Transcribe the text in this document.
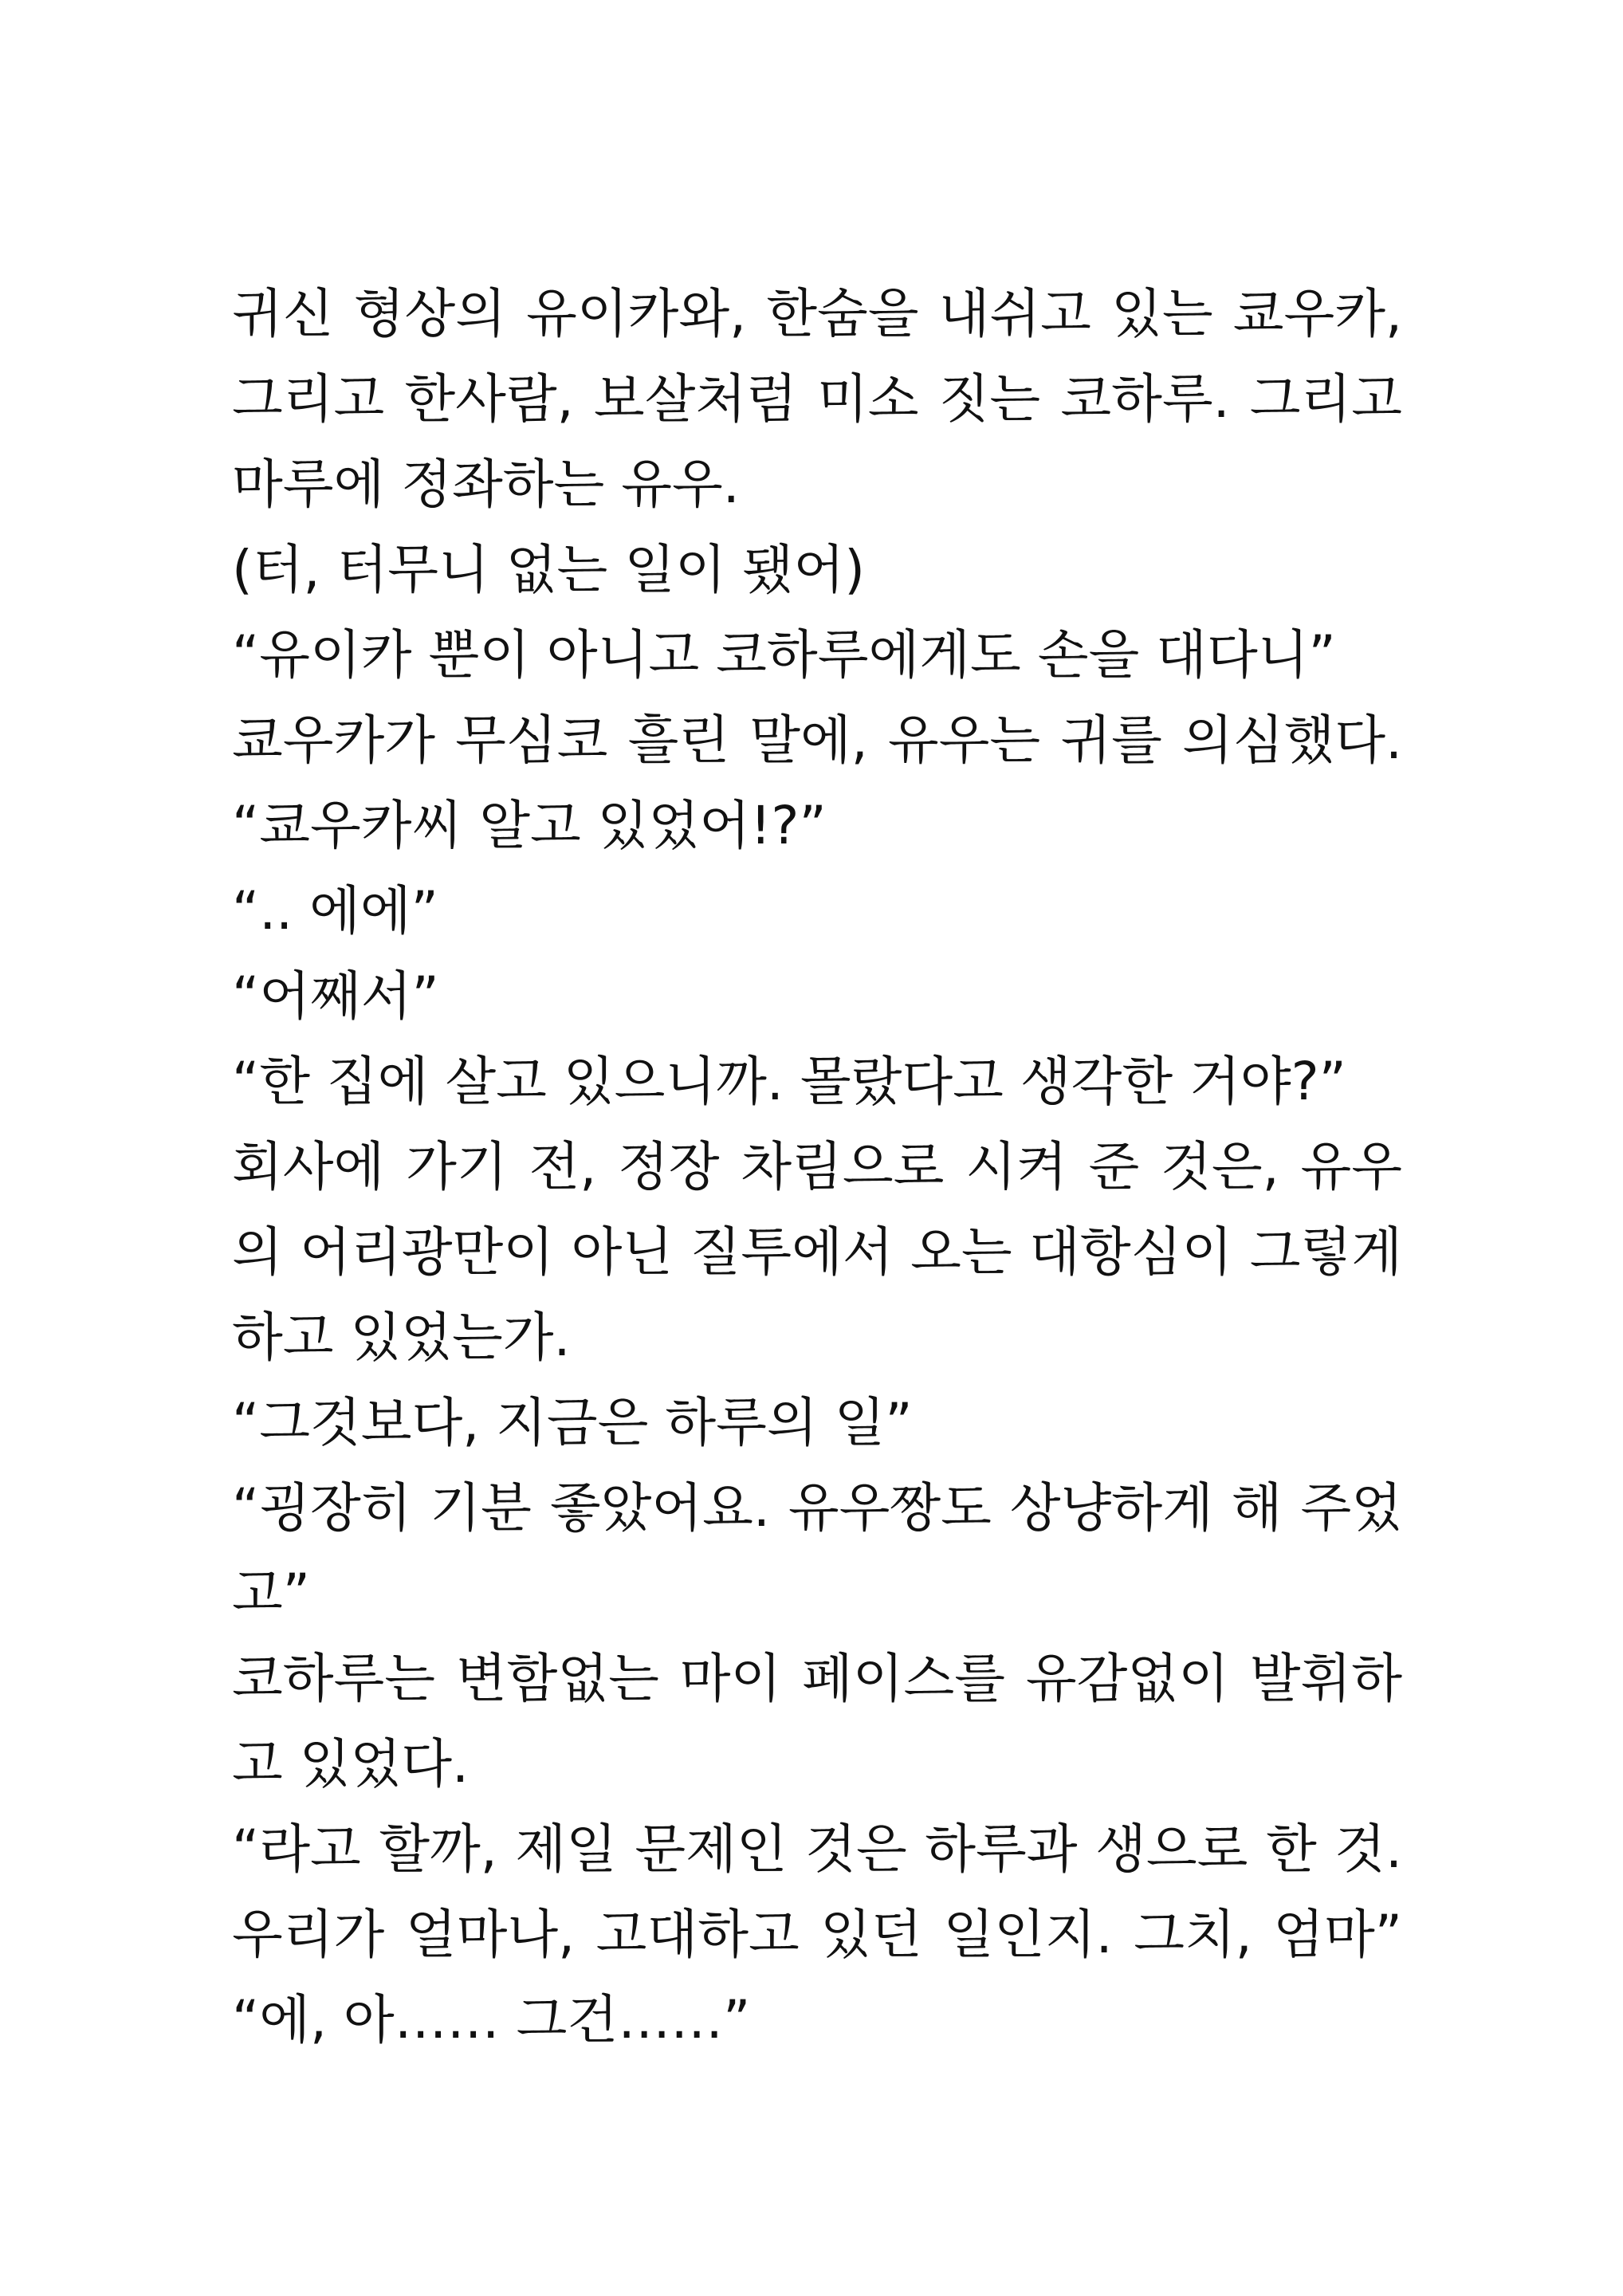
귀신 형상의 유이카와, 한숨을 내쉬고 있는 쿄우카,
그리고 한사람, 보살처럼 미소 짓는 코하루. 그리고
마루에 정좌하는 유우.
(터, 터무니 없는 일이 됐어)
“유이카 뿐이 아니고 코하루에게도 손을 대다니”
쿄우카가 무심코 흘린 말에, 유우는 귀를 의심했다.
“쿄우카씨 알고 있었어!?”
“.. 에에”
“어째서”
“한 집에 살고 있으니까. 몰랐다고 생각한 거야?”
회사에 가기 전, 정장 차림으로 시켜 준 것은, 유우
의 어리광만이 아닌 질투에서 오는 대항심이 그렇게
하고 있었는가.
“그것보다, 지금은 하루의 일”
“굉장히 기분 좋았어요. 유우짱도 상냥하게 해 주었
고”
코하루는 변함없는 마이 페이스를 유감없이 발휘하
고 있었다.
“라고 할까, 제일 문제인 것은 하루과 생으로 한 것.
우리가 얼마나, 고대하고 있던 일인지. 그치, 엄마”
“에, 아…… 그건……”
